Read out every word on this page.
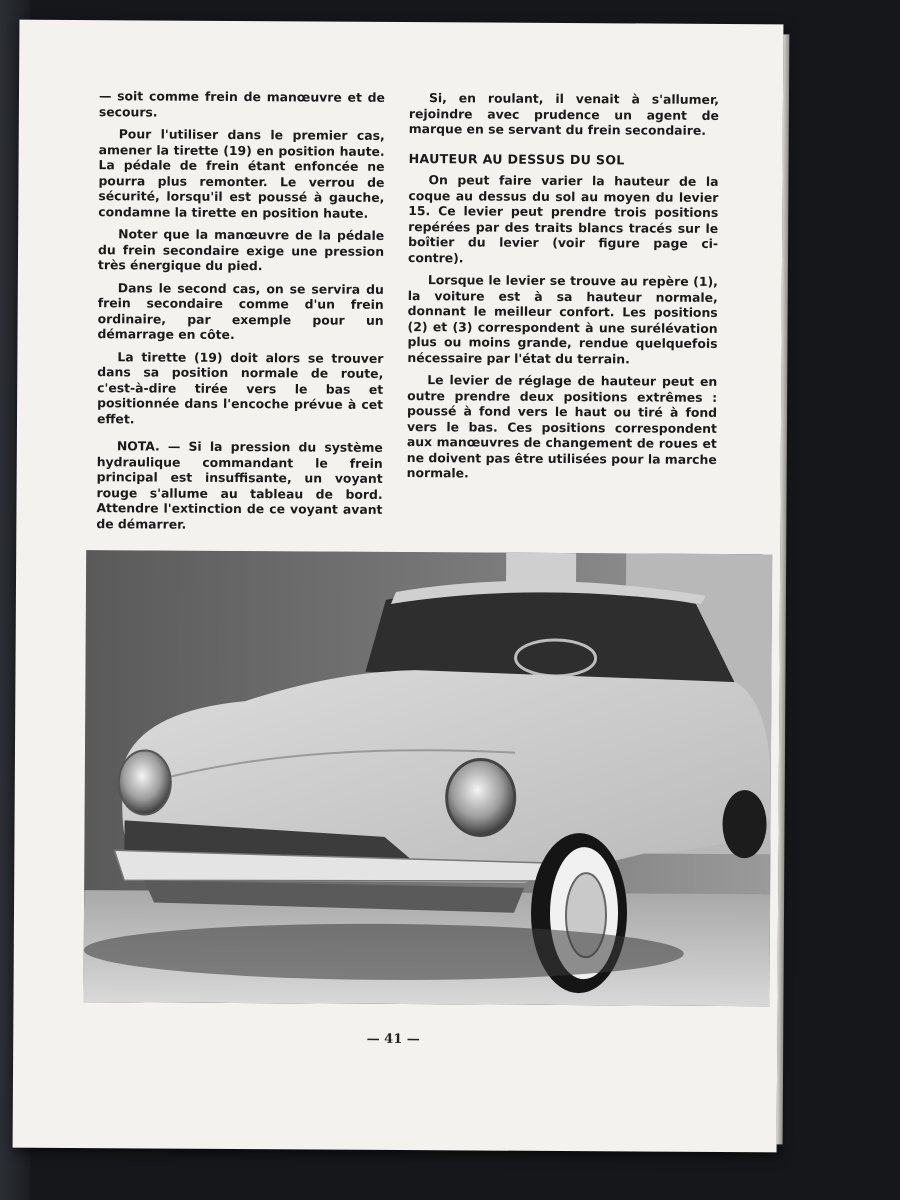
— soit comme frein de manœuvre et de secours.

Pour l'utiliser dans le premier cas, amener la tirette (19) en position haute. La pédale de frein étant enfoncée ne pourra plus remonter. Le verrou de sécurité, lorsqu'il est poussé à gauche, condamne la tirette en position haute.

Noter que la manœuvre de la pédale du frein secondaire exige une pression très énergique du pied.

Dans le second cas, on se servira du frein secondaire comme d'un frein ordinaire, par exemple pour un démarrage en côte.

La tirette (19) doit alors se trouver dans sa position normale de route, c'est-à-dire tirée vers le bas et positionnée dans l'encoche prévue à cet effet.

NOTA. — Si la pression du système hydraulique commandant le frein principal est insuffisante, un voyant rouge s'allume au tableau de bord. Attendre l'extinction de ce voyant avant de démarrer.

Si, en roulant, il venait à s'allumer, rejoindre avec prudence un agent de marque en se servant du frein secondaire.

HAUTEUR AU DESSUS DU SOL

On peut faire varier la hauteur de la coque au dessus du sol au moyen du levier 15. Ce levier peut prendre trois positions repérées par des traits blancs tracés sur le boîtier du levier (voir figure page ci-contre).

Lorsque le levier se trouve au repère (1), la voiture est à sa hauteur normale, donnant le meilleur confort. Les positions (2) et (3) correspondent à une surélévation plus ou moins grande, rendue quelquefois nécessaire par l'état du terrain.

Le levier de réglage de hauteur peut en outre prendre deux positions extrêmes : poussé à fond vers le haut ou tiré à fond vers le bas. Ces positions correspondent aux manœuvres de changement de roues et ne doivent pas être utilisées pour la marche normale.

— 41 —
